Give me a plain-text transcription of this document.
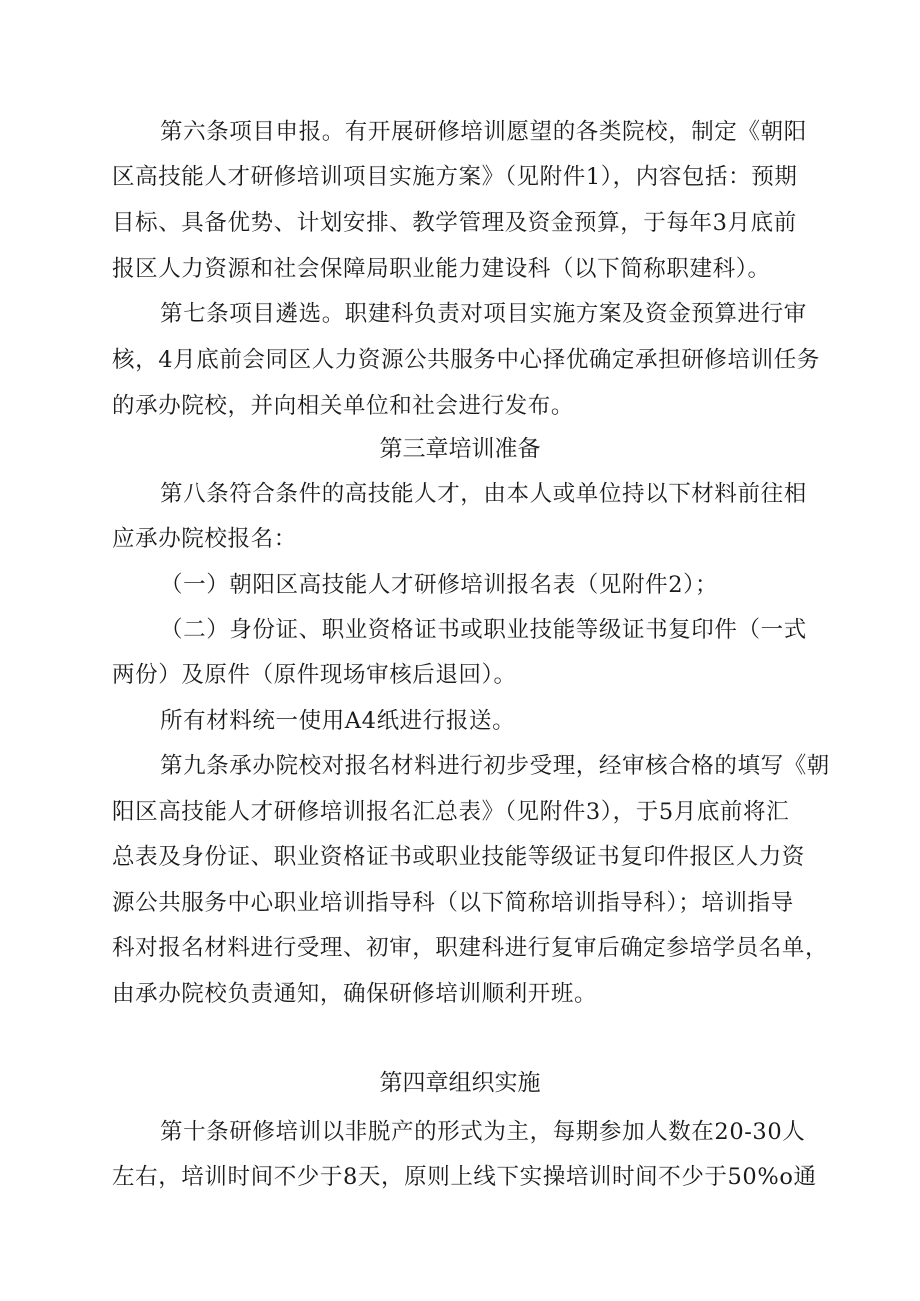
第六条项目申报。有开展研修培训愿望的各类院校，制定《朝阳
区高技能人才研修培训项目实施方案》（见附件1），内容包括：预期
目标、具备优势、计划安排、教学管理及资金预算，于每年3月底前
报区人力资源和社会保障局职业能力建设科（以下简称职建科）。
第七条项目遴选。职建科负责对项目实施方案及资金预算进行审
核，4月底前会同区人力资源公共服务中心择优确定承担研修培训任务
的承办院校，并向相关单位和社会进行发布。
第三章培训准备
第八条符合条件的高技能人才，由本人或单位持以下材料前往相
应承办院校报名：
（一）朝阳区高技能人才研修培训报名表（见附件2）；
（二）身份证、职业资格证书或职业技能等级证书复印件（一式
两份）及原件（原件现场审核后退回）。
所有材料统一使用A4纸进行报送。
第九条承办院校对报名材料进行初步受理，经审核合格的填写《朝
阳区高技能人才研修培训报名汇总表》（见附件3），于5月底前将汇
总表及身份证、职业资格证书或职业技能等级证书复印件报区人力资
源公共服务中心职业培训指导科（以下简称培训指导科）；培训指导
科对报名材料进行受理、初审，职建科进行复审后确定参培学员名单，
由承办院校负责通知，确保研修培训顺利开班。
第四章组织实施
第十条研修培训以非脱产的形式为主，每期参加人数在20-30人
左右，培训时间不少于8天，原则上线下实操培训时间不少于50%o通
